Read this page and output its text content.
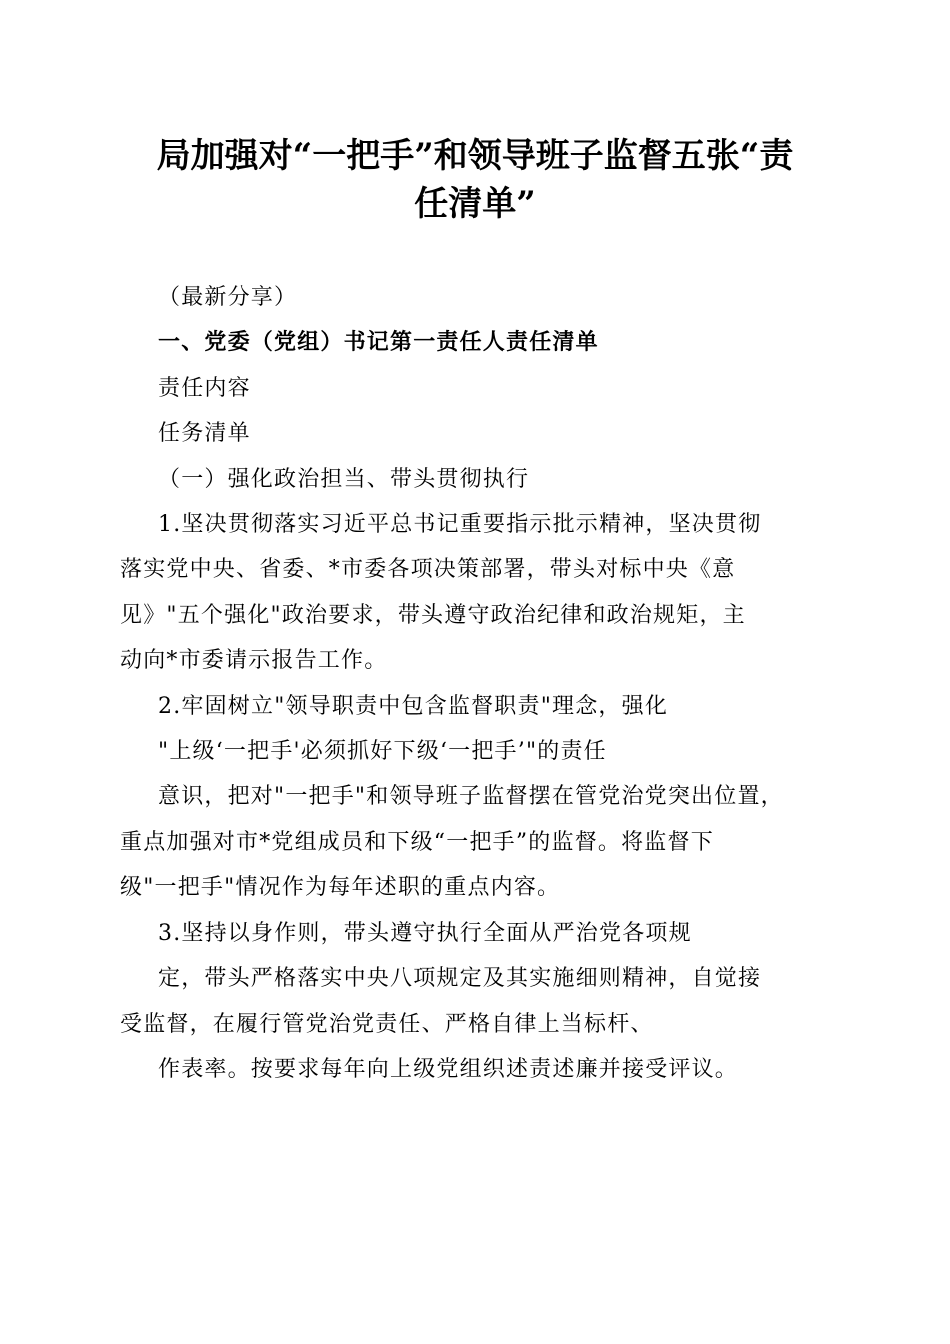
局加强对“一把手”和领导班子监督五张“责
任清单”

（最新分享）

一、党委（党组）书记第一责任人责任清单

责任内容

任务清单

（一）强化政治担当、带头贯彻执行

1.坚决贯彻落实习近平总书记重要指示批示精神，坚决贯彻

落实党中央、省委、*市委各项决策部署，带头对标中央《意

见》"五个强化"政治要求，带头遵守政治纪律和政治规矩，主

动向*市委请示报告工作。

2.牢固树立"领导职责中包含监督职责"理念，强化

"上级‘一把手'必须抓好下级‘一把手’"的责任

意识，把对"一把手"和领导班子监督摆在管党治党突出位置，

重点加强对市*党组成员和下级“一把手”的监督。将监督下

级"一把手"情况作为每年述职的重点内容。

3.坚持以身作则，带头遵守执行全面从严治党各项规

定，带头严格落实中央八项规定及其实施细则精神，自觉接

受监督，在履行管党治党责任、严格自律上当标杆、

作表率。按要求每年向上级党组织述责述廉并接受评议。
